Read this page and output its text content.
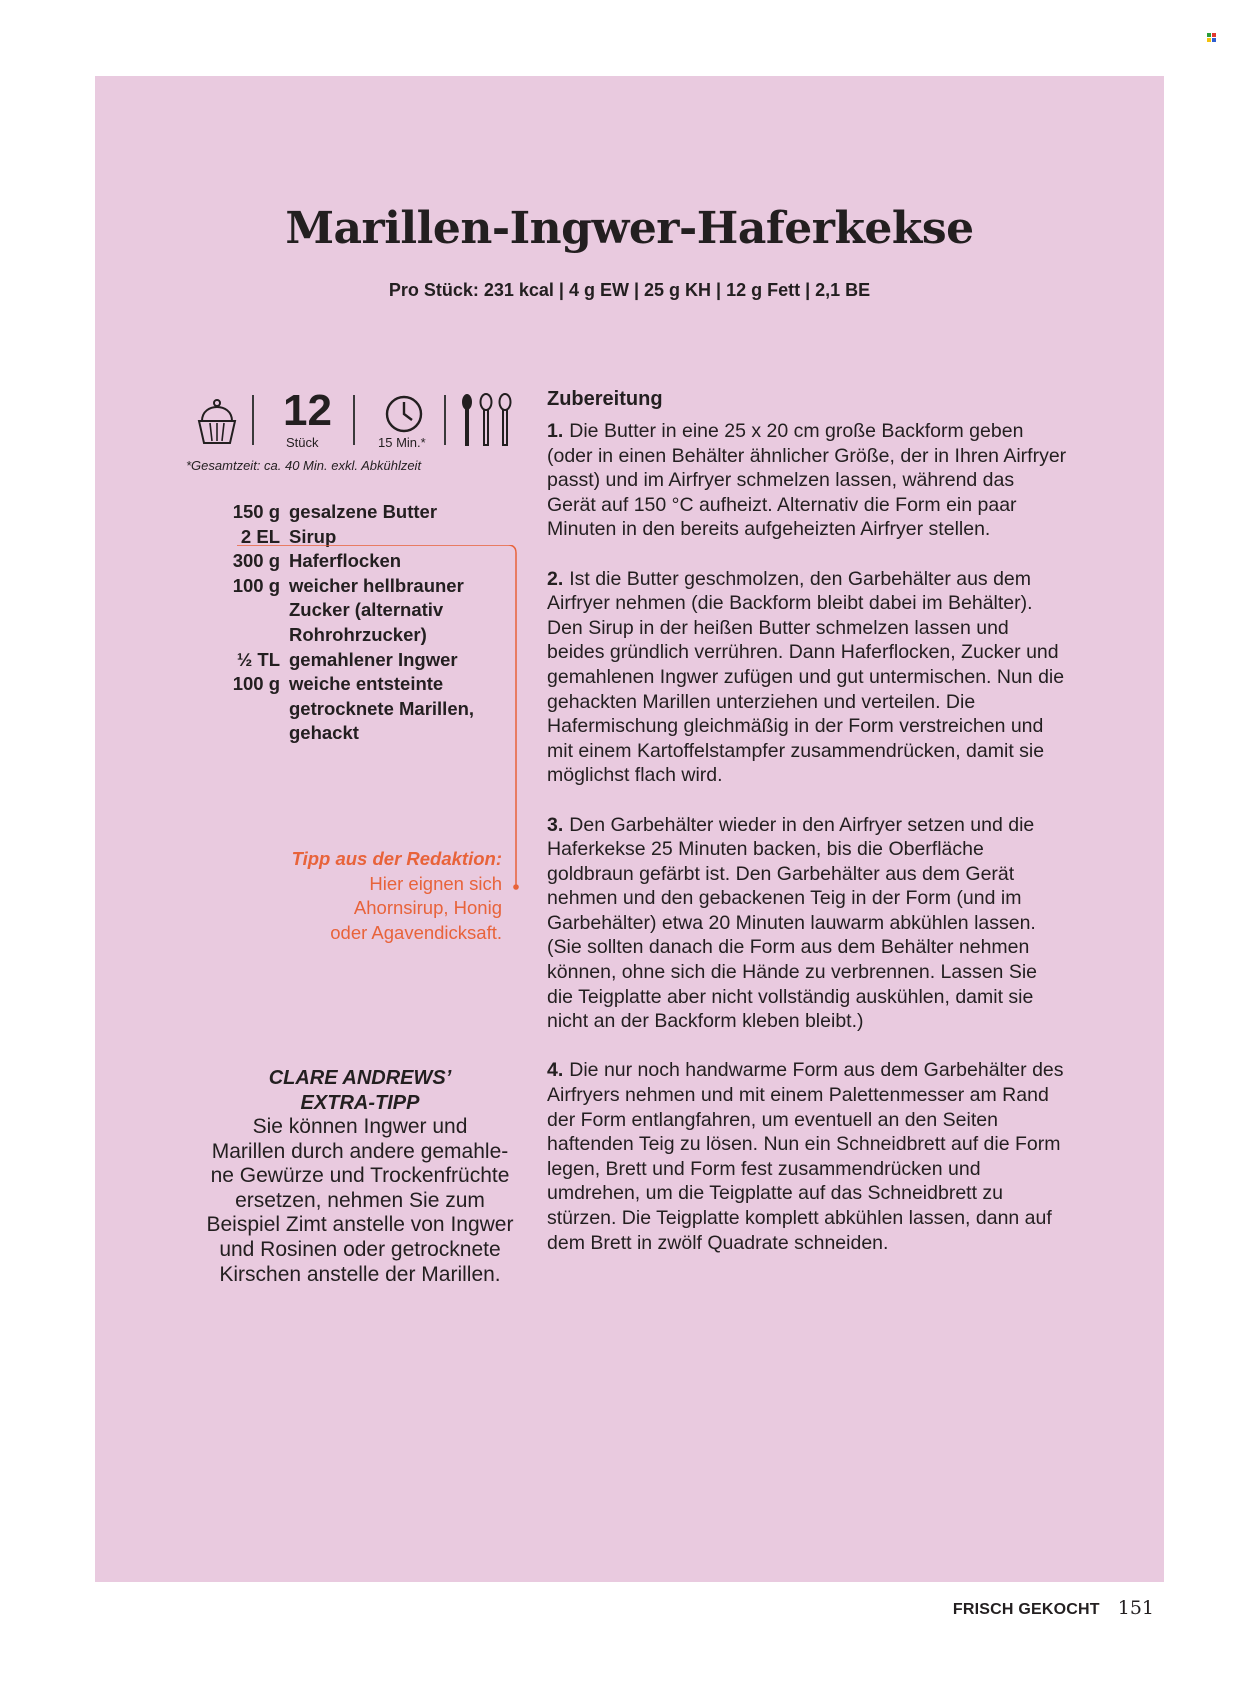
Marillen-Ingwer-Haferkekse
Pro Stück: 231 kcal | 4 g EW | 25 g KH | 12 g Fett | 2,1 BE
12
Stück	15 Min.*
*Gesamtzeit: ca. 40 Min. exkl. Abkühlzeit
150 g gesalzene Butter
2 EL Sirup
300 g Haferflocken
100 g weicher hellbrauner
Zucker (alternativ
Rohrohrzucker)
½ TL gemahlener Ingwer
100 g weiche entsteinte
getrocknete Marillen,
gehackt
Tipp aus der Redaktion:
Hier eignen sich
Ahornsirup, Honig
oder Agavendicksaft.
CLARE ANDREWS’
EXTRA-TIPP
Sie können Ingwer und
Marillen durch andere gemahle-
ne Gewürze und Trockenfrüchte
ersetzen, nehmen Sie zum
Beispiel Zimt anstelle von Ingwer
und Rosinen oder getrocknete
Kirschen anstelle der Marillen.
Zubereitung
1. Die Butter in eine 25 x 20 cm große Backform geben (oder in einen Behälter ähnlicher Größe, der in Ihren Airfryer passt) und im Airfryer schmelzen lassen, während das Gerät auf 150 °C aufheizt. Alternativ die Form ein paar Minuten in den bereits aufgeheizten Airfryer stellen.
2. Ist die Butter geschmolzen, den Garbehälter aus dem Airfryer nehmen (die Backform bleibt dabei im Behälter). Den Sirup in der heißen Butter schmelzen lassen und beides gründlich verrühren. Dann Haferflocken, Zucker und gemahlenen Ingwer zufügen und gut untermischen. Nun die gehackten Marillen unterziehen und verteilen. Die Hafermischung gleichmäßig in der Form verstreichen und mit einem Kartoffelstampfer zusammendrücken, damit sie möglichst flach wird.
3. Den Garbehälter wieder in den Airfryer setzen und die Haferkekse 25 Minuten backen, bis die Oberfläche goldbraun gefärbt ist. Den Garbehälter aus dem Gerät nehmen und den gebackenen Teig in der Form (und im Garbehälter) etwa 20 Minuten lauwarm abkühlen lassen. (Sie sollten danach die Form aus dem Behälter nehmen können, ohne sich die Hände zu verbrennen. Lassen Sie die Teigplatte aber nicht vollständig auskühlen, damit sie nicht an der Backform kleben bleibt.)
4. Die nur noch handwarme Form aus dem Garbehälter des Airfryers nehmen und mit einem Palettenmesser am Rand der Form entlangfahren, um eventuell an den Seiten haftenden Teig zu lösen. Nun ein Schneidbrett auf die Form legen, Brett und Form fest zusammendrücken und umdrehen, um die Teigplatte auf das Schneidbrett zu stürzen. Die Teigplatte komplett abkühlen lassen, dann auf dem Brett in zwölf Quadrate schneiden.
FRISCH GEKOCHT 151
